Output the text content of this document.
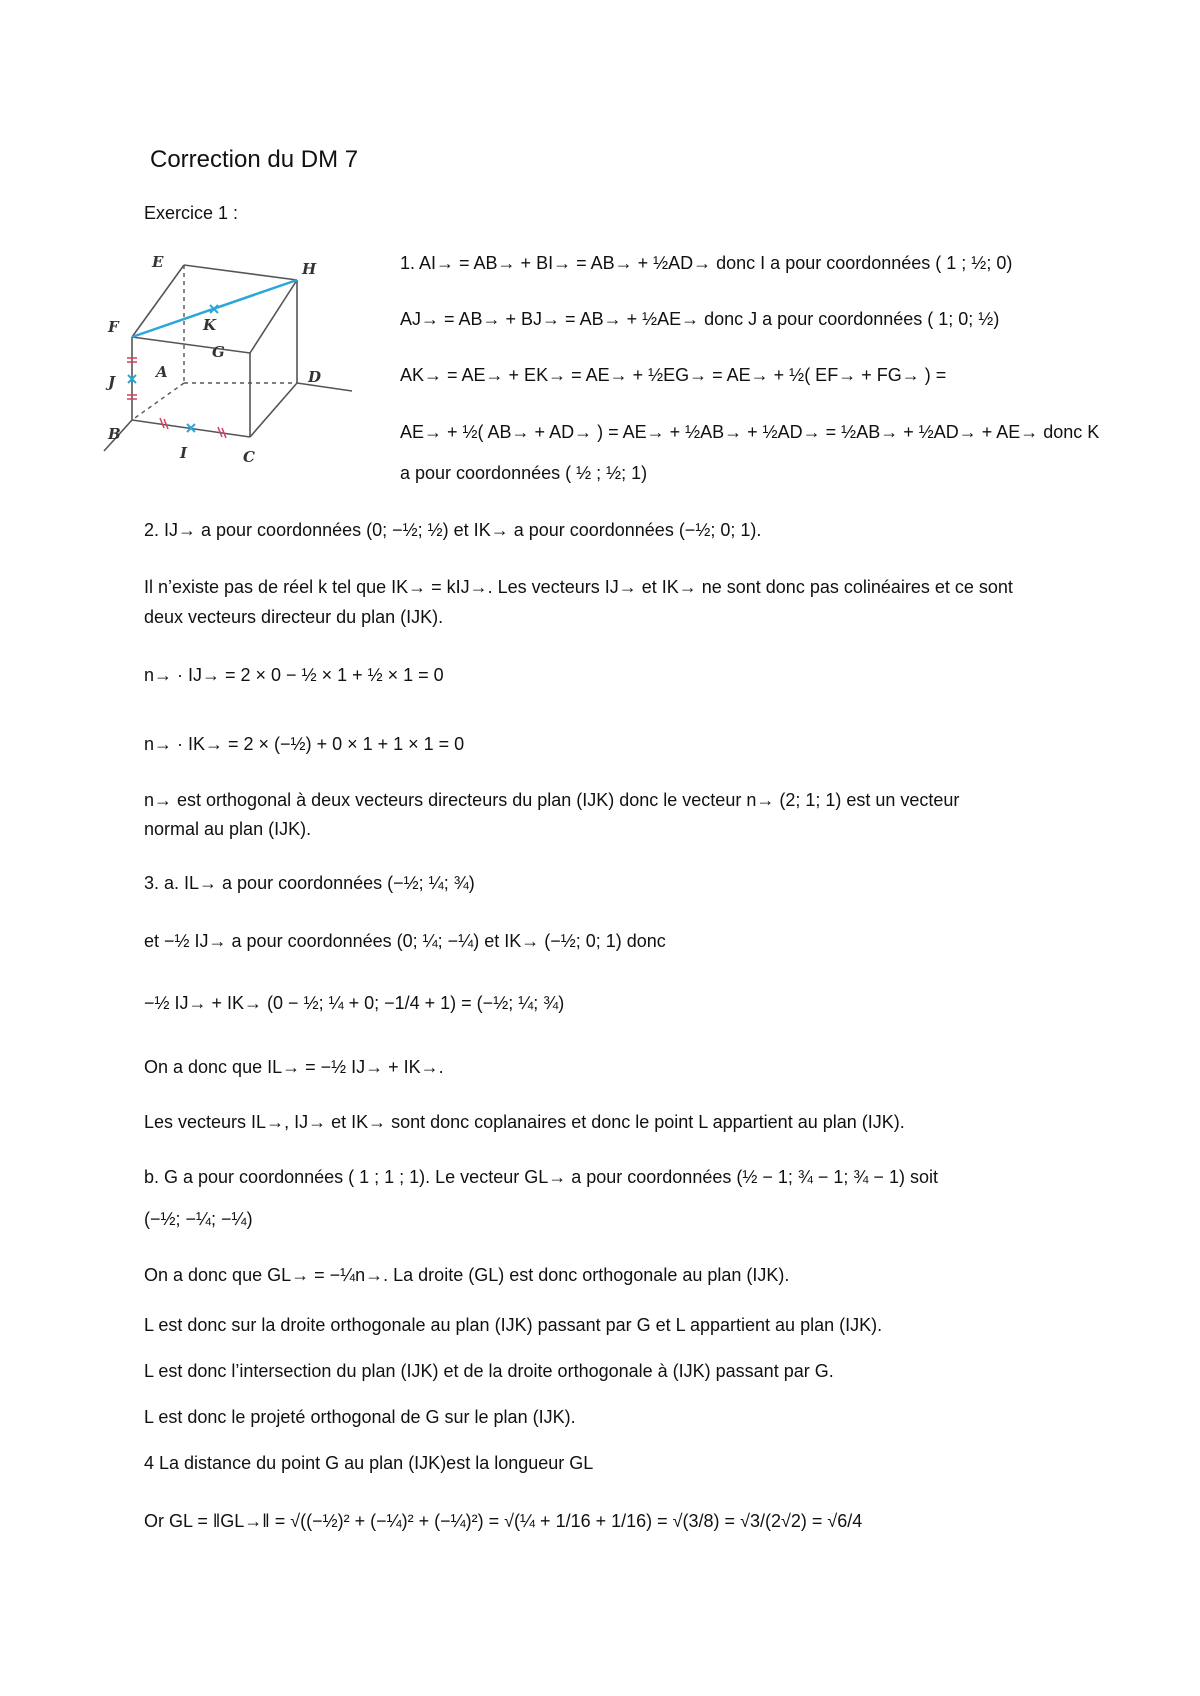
Correction du DM 7
Exercice 1 :
E	H
F	K
G
J
A	D
B
I	C
1. AI→ = AB→ + BI→ = AB→ + ½AD→ donc I a pour coordonnées ( 1 ; ½; 0)
AJ→ = AB→ + BJ→ = AB→ + ½AE→ donc J a pour coordonnées ( 1; 0; ½)
AK→ = AE→ + EK→ = AE→ + ½EG→ = AE→ + ½( EF→ + FG→ ) =
AE→ + ½( AB→ + AD→ ) = AE→ + ½AB→ + ½AD→ = ½AB→ + ½AD→ + AE→ donc K
a pour coordonnées ( ½ ; ½; 1)
2. IJ→ a pour coordonnées (0; −½; ½) et IK→ a pour coordonnées (−½; 0; 1).
Il n’existe pas de réel k tel que IK→ = kIJ→. Les vecteurs IJ→ et IK→ ne sont donc pas colinéaires et ce sont
deux vecteurs directeur du plan (IJK).
n→ · IJ→ = 2 × 0 − ½ × 1 + ½ × 1 = 0
n→ · IK→ = 2 × (−½) + 0 × 1 + 1 × 1 = 0
n→ est orthogonal à deux vecteurs directeurs du plan (IJK) donc le vecteur n→ (2; 1; 1) est un vecteur
normal au plan (IJK).
3. a. IL→ a pour coordonnées (−½; ¼; ¾)
et −½ IJ→ a pour coordonnées (0; ¼; −¼) et IK→ (−½; 0; 1) donc
−½ IJ→ + IK→ (0 − ½; ¼ + 0; −1/4 + 1) = (−½; ¼; ¾)
On a donc que IL→ = −½ IJ→ + IK→.
Les vecteurs IL→, IJ→ et IK→ sont donc coplanaires et donc le point L appartient au plan (IJK).
b. G a pour coordonnées ( 1 ; 1 ; 1). Le vecteur GL→ a pour coordonnées (½ − 1; ¾ − 1; ¾ − 1) soit
(−½; −¼; −¼)
On a donc que GL→ = −¼n→. La droite (GL) est donc orthogonale au plan (IJK).
L est donc sur la droite orthogonale au plan (IJK) passant par G et L appartient au plan (IJK).
L est donc l’intersection du plan (IJK) et de la droite orthogonale à (IJK) passant par G.
L est donc le projeté orthogonal de G sur le plan (IJK).
4 La distance du point G au plan (IJK)est la longueur GL
Or GL = ‖GL→‖ = √((−½)² + (−¼)² + (−¼)²) = √(¼ + 1/16 + 1/16) = √(3/8) = √3/(2√2) = √6/4
